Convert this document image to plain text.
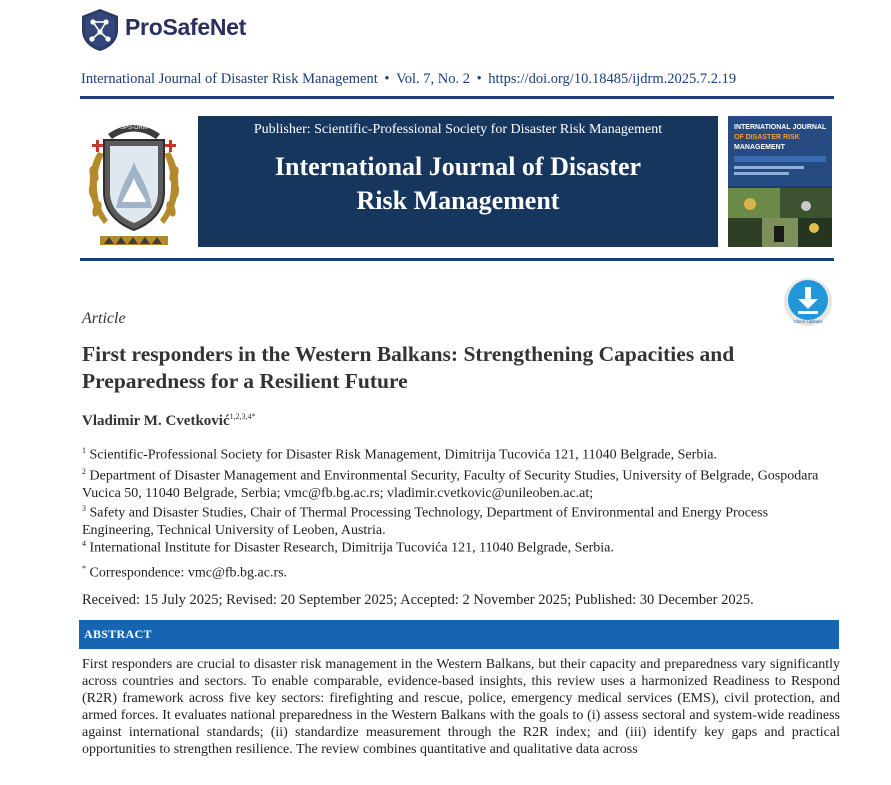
ProSafeNet
International Journal of Disaster Risk Management • Vol. 7, No. 2 • https://doi.org/10.18485/ijdrm.2025.7.2.19
SPS-DRM	Publisher: Scientific-Professional Society for Disaster Risk Management
International Journal of Disaster
Risk Management
INTERNATIONAL JOURNAL
OF DISASTER RISK
MANAGEMENT
Check Updates
Article
First responders in the Western Balkans: Strengthening Capacities and Preparedness for a Resilient Future
Vladimir M. Cvetković$^{1,2,3,4*}$
$^1$ Scientific-Professional Society for Disaster Risk Management, Dimitrija Tucovića 121, 11040 Belgrade, Serbia.
$^2$ Department of Disaster Management and Environmental Security, Faculty of Security Studies, University of Belgrade, Gospodara Vucica 50, 11040 Belgrade, Serbia; vmc@fb.bg.ac.rs; vladimir.cvetkovic@unileoben.ac.at;
$^3$ Safety and Disaster Studies, Chair of Thermal Processing Technology, Department of Environmental and Energy Process Engineering, Technical University of Leoben, Austria.
$^4$ International Institute for Disaster Research, Dimitrija Tucovića 121, 11040 Belgrade, Serbia.
* Correspondence: vmc@fb.bg.ac.rs.
Received: 15 July 2025; Revised: 20 September 2025; Accepted: 2 November 2025; Published: 30 December 2025.
ABSTRACT
First responders are crucial to disaster risk management in the Western Balkans, but their capacity and preparedness vary significantly across countries and sectors. To enable comparable, evidence-based insights, this review uses a harmonized Readiness to Respond (R2R) framework across five key sectors: firefighting and rescue, police, emergency medical services (EMS), civil protection, and armed forces. It evaluates national preparedness in the Western Balkans with the goals to (i) assess sectoral and system-wide readiness against international standards; (ii) standardize measurement through the R2R index; and (iii) identify key gaps and practical opportunities to strengthen resilience. The review combines quantitative and qualitative data across
